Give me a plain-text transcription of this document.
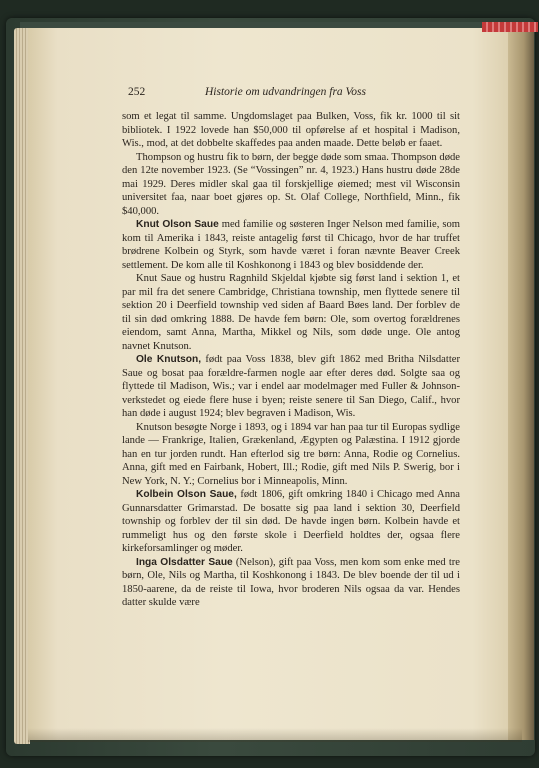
252	Historie om udvandringen fra Voss

som et legat til samme. Ungdomslaget paa Bulken, Voss, fik kr. 1000 til sit bibliotek. I 1922 lovede han $50,000 til opførelse af et hospital i Madison, Wis., mod, at det dobbelte skaffedes paa anden maade. Dette beløb er faaet.

Thompson og hustru fik to børn, der begge døde som smaa. Thompson døde den 12te november 1923. (Se “Vossingen” nr. 4, 1923.) Hans hustru døde 28de mai 1929. Deres midler skal gaa til forskjellige øiemed; mest vil Wisconsin universitet faa, naar boet gjøres op. St. Olaf College, Northfield, Minn., fik $40,000.

Knut Olson Saue med familie og søsteren Inger Nelson med familie, som kom til Amerika i 1843, reiste antagelig først til Chicago, hvor de har truffet brødrene Kolbein og Styrk, som havde været i foran nævnte Beaver Creek settlement. De kom alle til Koshkonong i 1843 og blev bosiddende der.

Knut Saue og hustru Ragnhild Skjeldal kjøbte sig først land i sektion 1, et par mil fra det senere Cambridge, Christiana township, men flyttede senere til sektion 20 i Deerfield township ved siden af Baard Bøes land. Der forblev de til sin død omkring 1888. De havde fem børn: Ole, som overtog forældrenes eiendom, samt Anna, Martha, Mikkel og Nils, som døde unge. Ole antog navnet Knutson.

Ole Knutson, født paa Voss 1838, blev gift 1862 med Britha Nilsdatter Saue og bosat paa forældre-farmen nogle aar efter deres død. Solgte saa og flyttede til Madison, Wis.; var i endel aar modelmager med Fuller & Johnson-verkstedet og eiede flere huse i byen; reiste senere til San Diego, Calif., hvor han døde i august 1924; blev begraven i Madison, Wis.

Knutson besøgte Norge i 1893, og i 1894 var han paa tur til Europas sydlige lande — Frankrige, Italien, Grækenland, Ægypten og Palæstina. I 1912 gjorde han en tur jorden rundt. Han efterlod sig tre børn: Anna, Rodie og Cornelius. Anna, gift med en Fairbank, Hobert, Ill.; Rodie, gift med Nils P. Swerig, bor i New York, N. Y.; Cornelius bor i Minneapolis, Minn.

Kolbein Olson Saue, født 1806, gift omkring 1840 i Chicago med Anna Gunnarsdatter Grimarstad. De bosatte sig paa land i sektion 30, Deerfield township og forblev der til sin død. De havde ingen børn. Kolbein havde et rummeligt hus og den første skole i Deerfield holdtes der, ogsaa flere kirkeforsamlinger og møder.

Inga Olsdatter Saue (Nelson), gift paa Voss, men kom som enke med tre børn, Ole, Nils og Martha, til Koshkonong i 1843. De blev boende der til ud i 1850-aarene, da de reiste til Iowa, hvor broderen Nils ogsaa da var. Hendes datter skulde være
